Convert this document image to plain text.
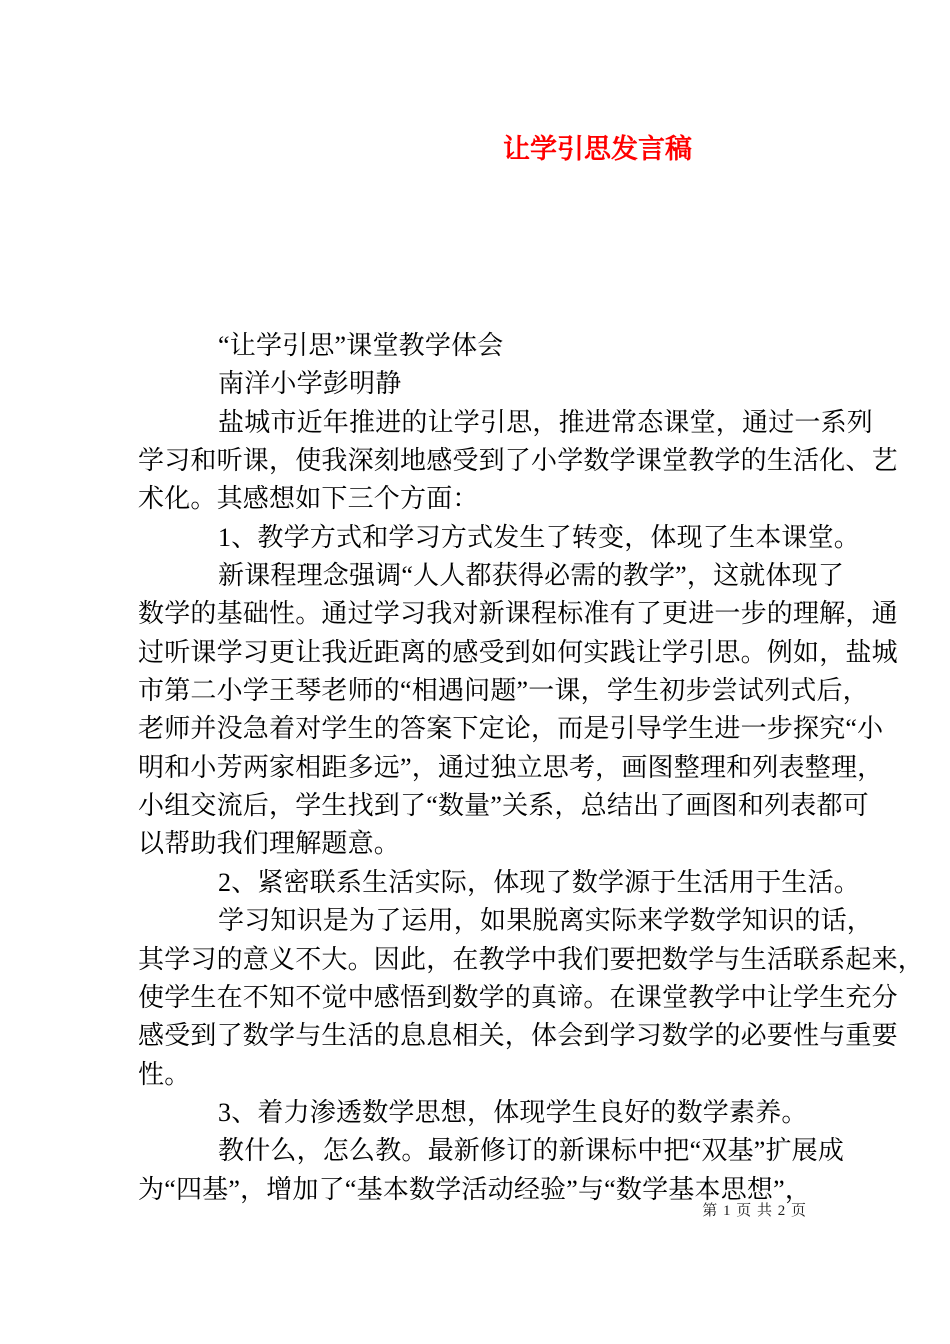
让学引思发言稿
“让学引思”课堂教学体会
南洋小学彭明静
盐城市近年推进的让学引思，推进常态课堂，通过一系列
学习和听课，使我深刻地感受到了小学数学课堂教学的生活化、艺
术化。其感想如下三个方面：
1、教学方式和学习方式发生了转变，体现了生本课堂。
新课程理念强调“人人都获得必需的教学”，这就体现了
数学的基础性。通过学习我对新课程标准有了更进一步的理解，通
过听课学习更让我近距离的感受到如何实践让学引思。例如，盐城
市第二小学王琴老师的“相遇问题”一课，学生初步尝试列式后，
老师并没急着对学生的答案下定论，而是引导学生进一步探究“小
明和小芳两家相距多远”，通过独立思考，画图整理和列表整理，
小组交流后，学生找到了“数量”关系，总结出了画图和列表都可
以帮助我们理解题意。
2、紧密联系生活实际，体现了数学源于生活用于生活。
学习知识是为了运用，如果脱离实际来学数学知识的话，
其学习的意义不大。因此，在教学中我们要把数学与生活联系起来，
使学生在不知不觉中感悟到数学的真谛。在课堂教学中让学生充分
感受到了数学与生活的息息相关，体会到学习数学的必要性与重要
性。
3、着力渗透数学思想，体现学生良好的数学素养。
教什么，怎么教。最新修订的新课标中把“双基”扩展成
为“四基”，增加了“基本数学活动经验”与“数学基本思想”，
第 1 页 共 2 页
